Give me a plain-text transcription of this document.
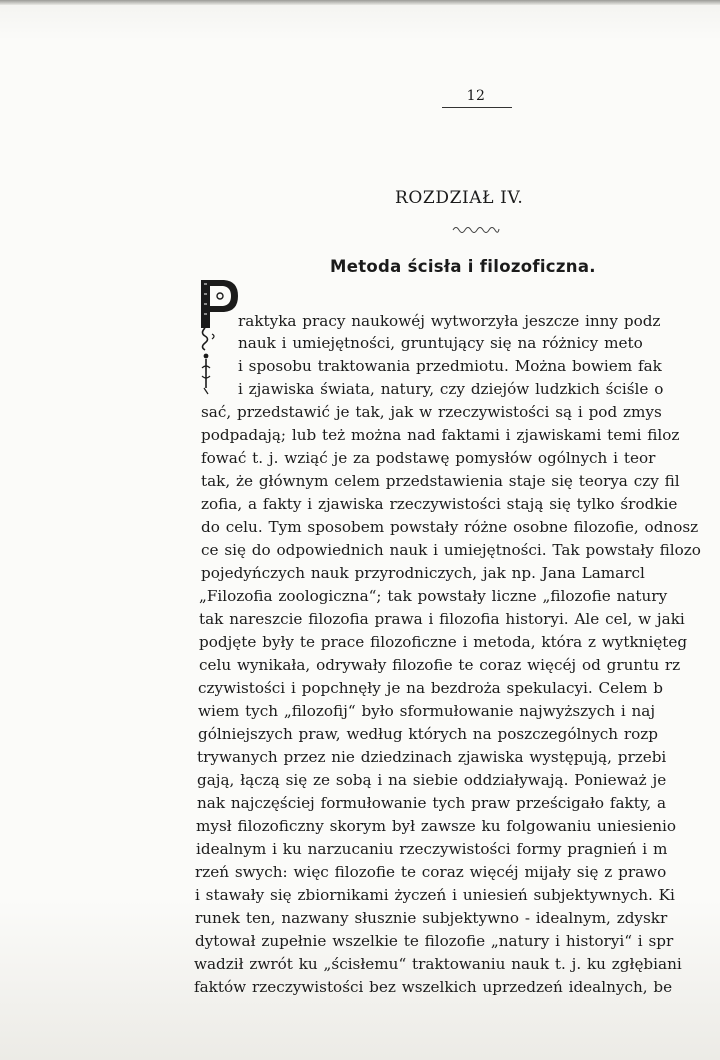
12
ROZDZIAŁ IV.
Metoda ścisła i filozoficzna.
raktyka pracy naukowéj wytworzyła jeszcze inny podz
nauk i umiejętności, gruntujący się na różnicy meto
i sposobu traktowania przedmiotu. Można bowiem fak
i zjawiska świata, natury, czy dziejów ludzkich ściśle o
sać, przedstawić je tak, jak w rzeczywistości są i pod zmys
podpadają; lub też można nad faktami i zjawiskami temi filoz
fować t. j. wziąć je za podstawę pomysłów ogólnych i teor
tak, że głównym celem przedstawienia staje się teorya czy fil
zofia, a fakty i zjawiska rzeczywistości stają się tylko środkie
do celu. Tym sposobem powstały różne osobne filozofie, odnosz
ce się do odpowiednich nauk i umiejętności. Tak powstały filozo
pojedyńczych nauk przyrodniczych, jak np. Jana Lamarcl
„Filozofia zoologiczna“; tak powstały liczne „filozofie natury
tak nareszcie filozofia prawa i filozofia historyi. Ale cel, w jaki
podjęte były te prace filozoficzne i metoda, która z wytknięteg
celu wynikała, odrywały filozofie te coraz więcéj od gruntu rz
czywistości i popchnęły je na bezdroża spekulacyi. Celem b
wiem tych „filozofij“ było sformułowanie najwyższych i naj
gólniejszych praw, według których na poszczególnych rozp
trywanych przez nie dziedzinach zjawiska występują, przebi
gają, łączą się ze sobą i na siebie oddziaływają. Ponieważ je
nak najczęściej formułowanie tych praw prześcigało fakty, a
mysł filozoficzny skorym był zawsze ku folgowaniu uniesienio
idealnym i ku narzucaniu rzeczywistości formy pragnień i m
rzeń swych: więc filozofie te coraz więcéj mijały się z prawo
i stawały się zbiornikami życzeń i uniesień subjektywnych. Ki
runek ten, nazwany słusznie subjektywno - idealnym, zdyskr
dytował zupełnie wszelkie te filozofie „natury i historyi“ i spr
wadził zwrót ku „ścisłemu“ traktowaniu nauk t. j. ku zgłębiani
faktów rzeczywistości bez wszelkich uprzedzeń idealnych, be
